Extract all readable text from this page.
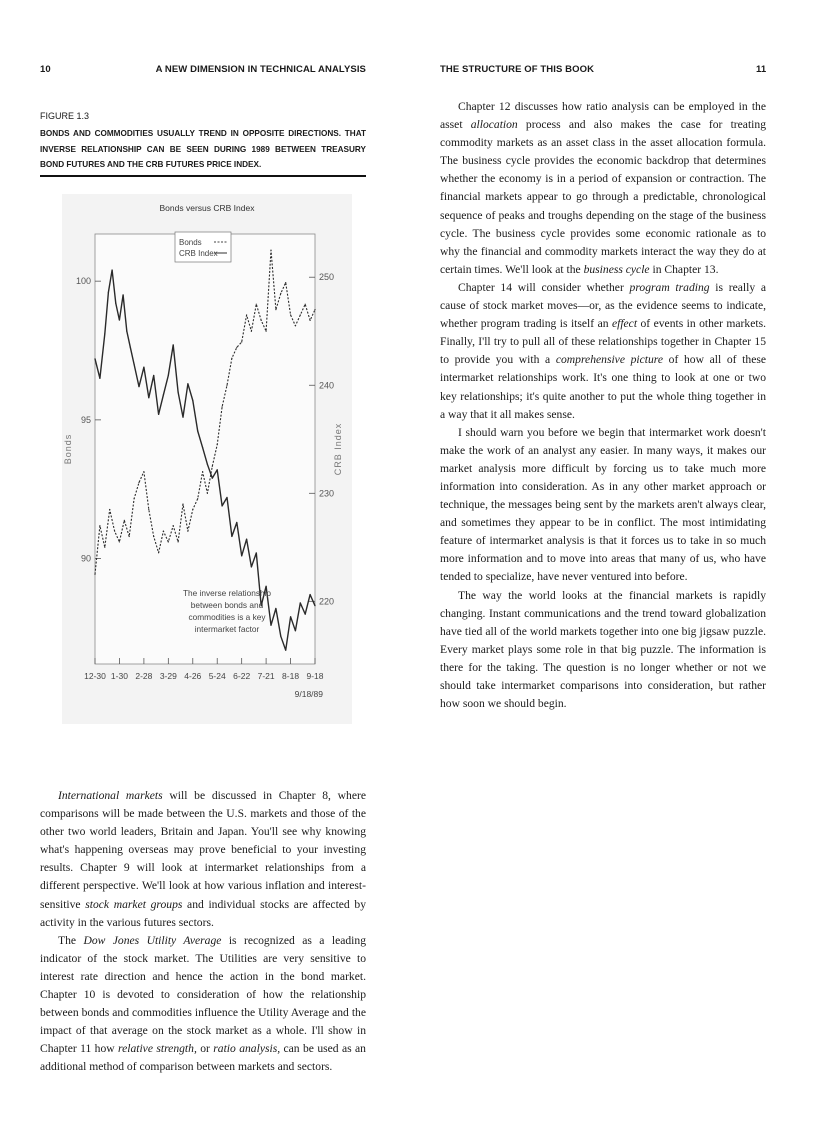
10	A NEW DIMENSION IN TECHNICAL ANALYSIS
FIGURE 1.3
BONDS AND COMMODITIES USUALLY TREND IN OPPOSITE DIRECTIONS. THAT INVERSE RELATIONSHIP CAN BE SEEN DURING 1989 BETWEEN TREASURY BOND FUTURES AND THE CRB FUTURES PRICE INDEX.
90
95
100
220
230
240
250
12-30 1-30 2-28 3-29 4-26 5-24 6-22 7-21 8-18 9-18
Bonds versus CRB Index
9/18/89
Bonds	CRB Index
Bonds
CRB Index
The inverse relationship
between bonds and
commodities is a key
intermarket factor

International markets will be discussed in Chapter 8, where comparisons will be made between the U.S. markets and those of the other two world leaders, Britain and Japan. You'll see why knowing what's happening overseas may prove beneficial to your investing results. Chapter 9 will look at intermarket relationships from a different perspective. We'll look at how various inflation and interest-sensitive stock market groups and individual stocks are affected by activity in the various futures sectors.

The Dow Jones Utility Average is recognized as a leading indicator of the stock market. The Utilities are very sensitive to interest rate direction and hence the action in the bond market. Chapter 10 is devoted to consideration of how the relationship between bonds and commodities influence the Utility Average and the impact of that average on the stock market as a whole. I'll show in Chapter 11 how relative strength, or ratio analysis, can be used as an additional method of comparison between markets and sectors.

THE STRUCTURE OF THIS BOOK	11

Chapter 12 discusses how ratio analysis can be employed in the asset allocation process and also makes the case for treating commodity markets as an asset class in the asset allocation formula. The business cycle provides the economic backdrop that determines whether the economy is in a period of expansion or contraction. The financial markets appear to go through a predictable, chronological sequence of peaks and troughs depending on the stage of the business cycle. The business cycle provides some economic rationale as to why the financial and commodity markets interact the way they do at certain times. We'll look at the business cycle in Chapter 13.

Chapter 14 will consider whether program trading is really a cause of stock market moves—or, as the evidence seems to indicate, whether program trading is itself an effect of events in other markets. Finally, I'll try to pull all of these relationships together in Chapter 15 to provide you with a comprehensive picture of how all of these intermarket relationships work. It's one thing to look at one or two key relationships; it's quite another to put the whole thing together in a way that it all makes sense.

I should warn you before we begin that intermarket work doesn't make the work of an analyst any easier. In many ways, it makes our market analysis more difficult by forcing us to take much more information into consideration. As in any other market approach or technique, the messages being sent by the markets aren't always clear, and sometimes they appear to be in conflict. The most intimidating feature of intermarket analysis is that it forces us to take in so much more information and to move into areas that many of us, who have tended to specialize, have never ventured into before.

The way the world looks at the financial markets is rapidly changing. Instant communications and the trend toward globalization have tied all of the world markets together into one big jigsaw puzzle. Every market plays some role in that big puzzle. The information is there for the taking. The question is no longer whether or not we should take intermarket comparisons into consideration, but rather how soon we should begin.
